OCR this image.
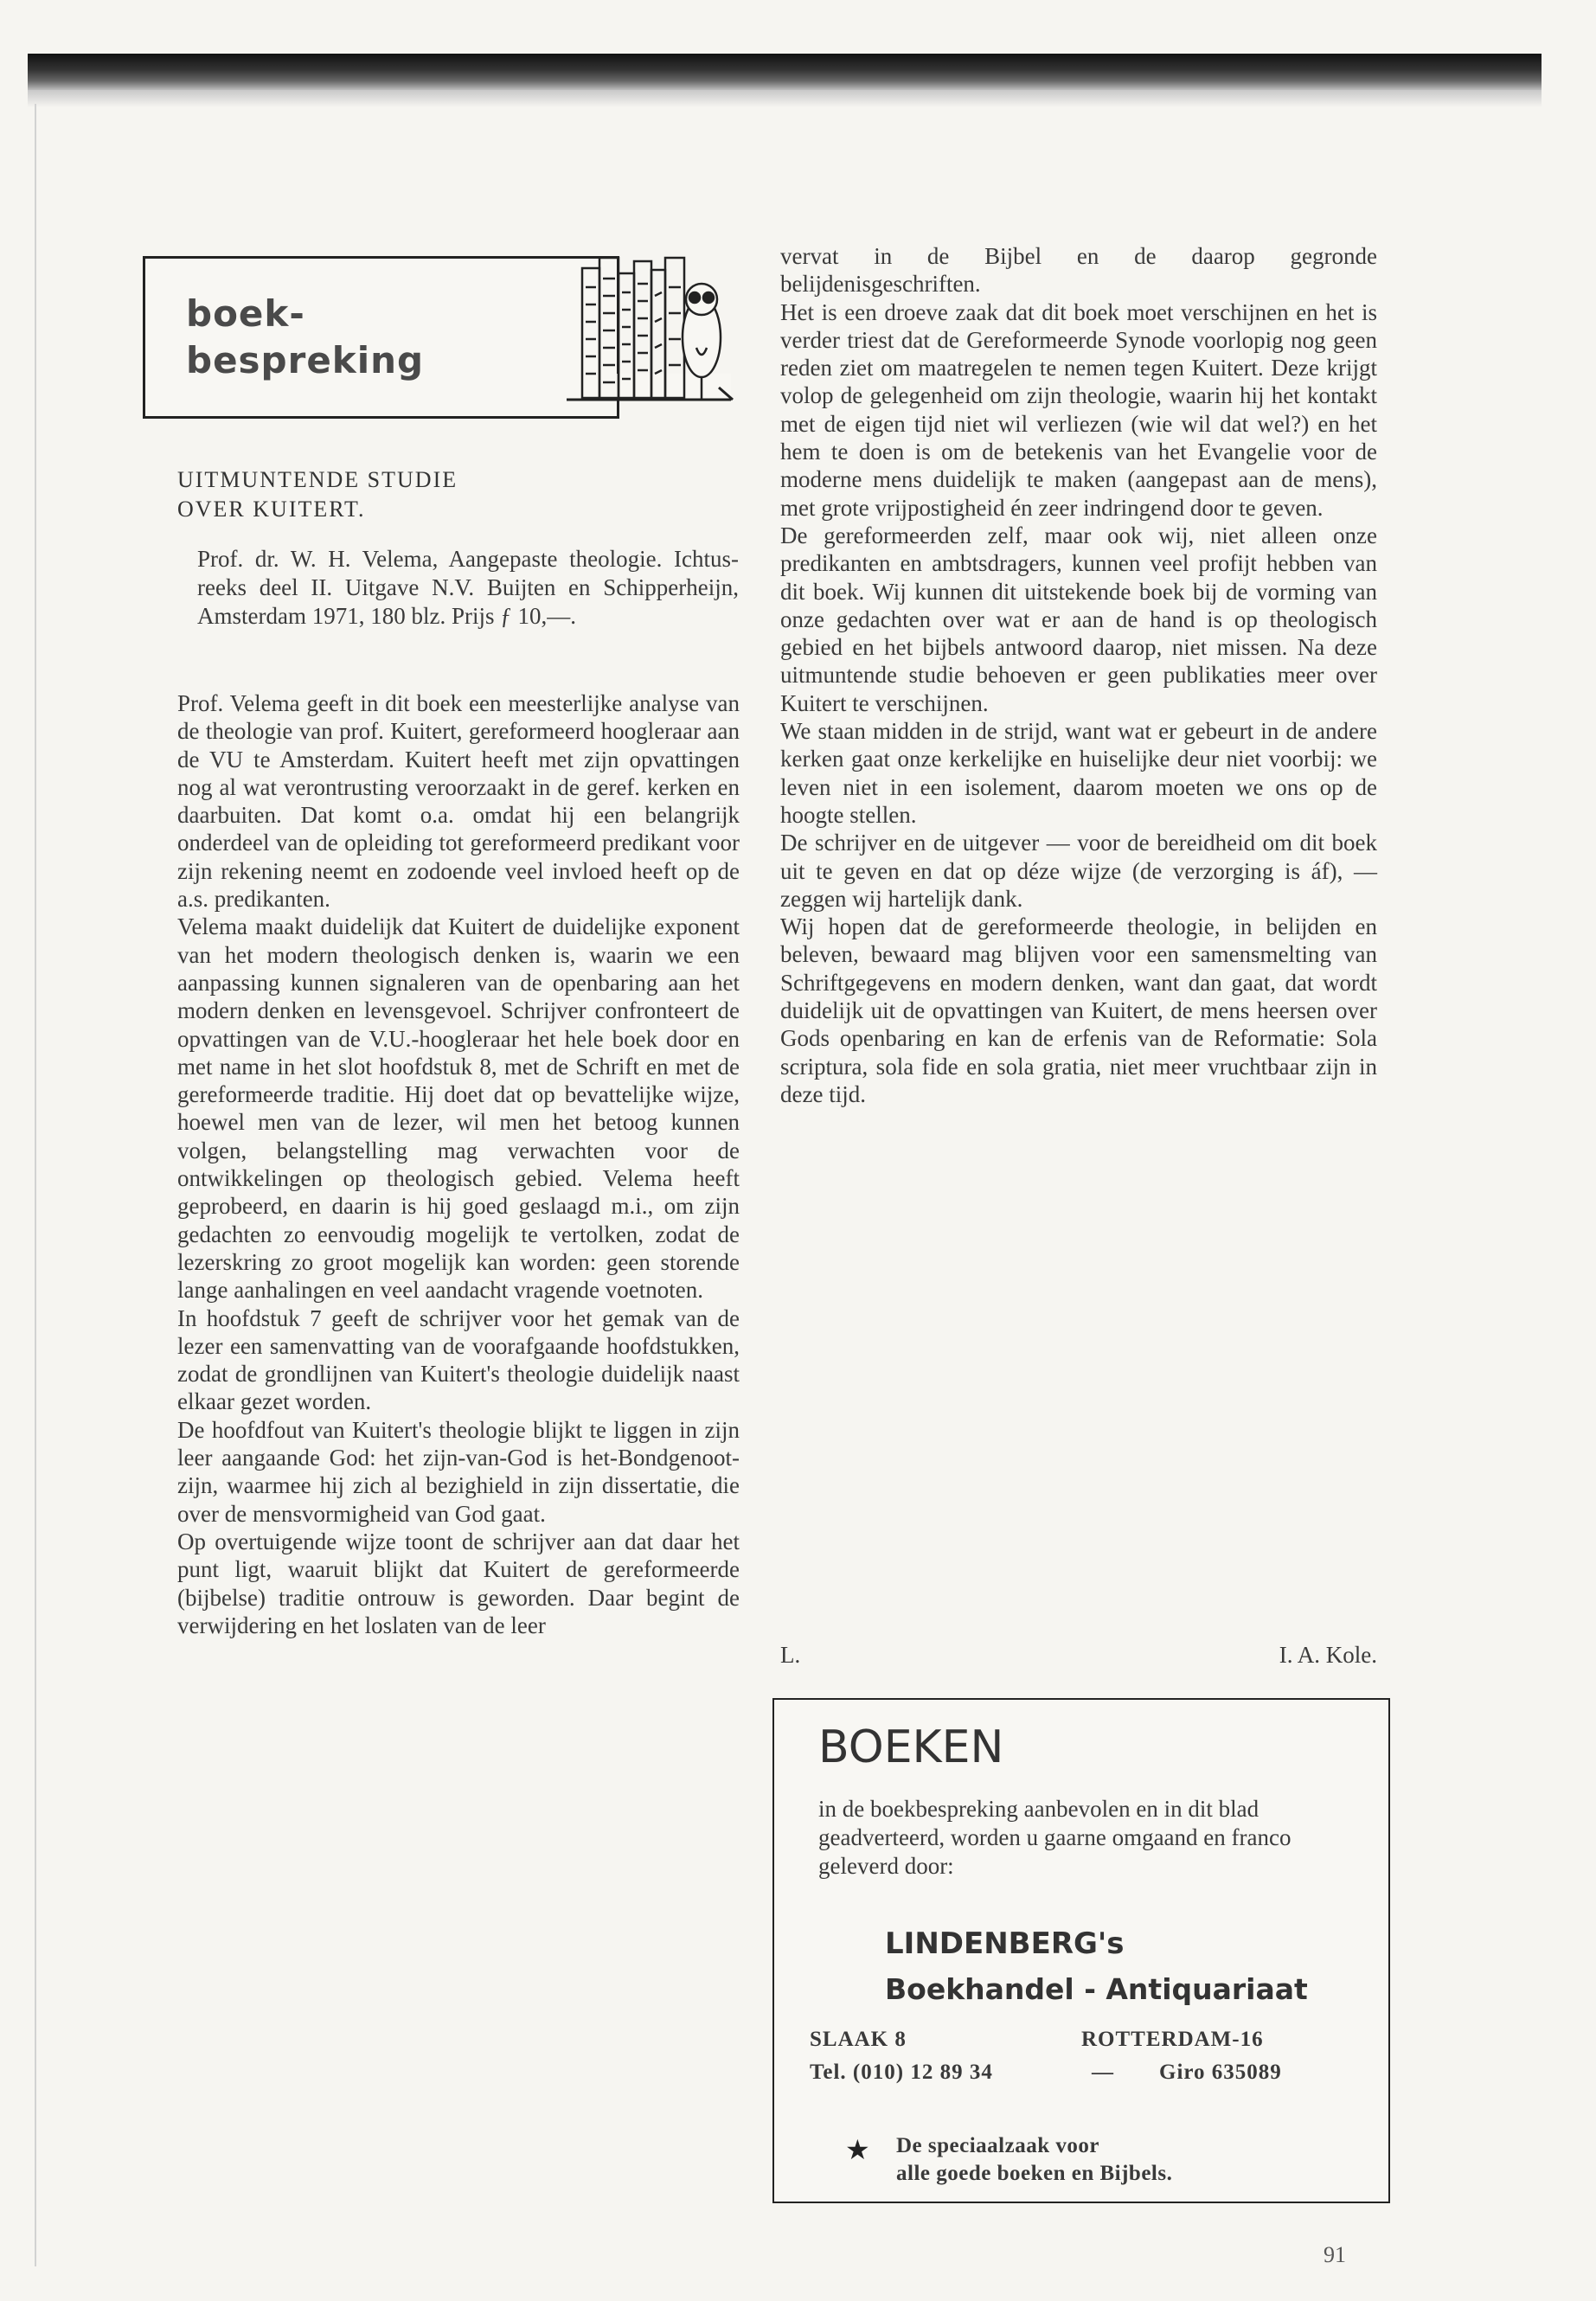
boek-
bespreking
UITMUNTENDE STUDIE
OVER KUITERT.

Prof. dr. W. H. Velema, Aangepaste theologie. Ichtus-reeks deel II. Uitgave N.V. Buijten en Schipperheijn, Amsterdam 1971, 180 blz. Prijs ƒ 10,—.

Prof. Velema geeft in dit boek een meesterlijke analyse van de theologie van prof. Kuitert, gereformeerd hoogleraar aan de VU te Amsterdam. Kuitert heeft met zijn opvattingen nog al wat verontrusting veroorzaakt in de geref. kerken en daarbuiten. Dat komt o.a. omdat hij een belangrijk onderdeel van de opleiding tot gereformeerd predikant voor zijn rekening neemt en zodoende veel invloed heeft op de a.s. predikanten.

Velema maakt duidelijk dat Kuitert de duidelijke exponent van het modern theologisch denken is, waarin we een aanpassing kunnen signaleren van de openbaring aan het modern denken en levensgevoel. Schrijver confronteert de opvattingen van de V.U.-hoogleraar het hele boek door en met name in het slot hoofdstuk 8, met de Schrift en met de gereformeerde traditie. Hij doet dat op bevattelijke wijze, hoewel men van de lezer, wil men het betoog kunnen volgen, belangstelling mag verwachten voor de ontwikkelingen op theologisch gebied. Velema heeft geprobeerd, en daarin is hij goed geslaagd m.i., om zijn gedachten zo eenvoudig mogelijk te vertolken, zodat de lezerskring zo groot mogelijk kan worden: geen storende lange aanhalingen en veel aandacht vragende voetnoten.

In hoofdstuk 7 geeft de schrijver voor het gemak van de lezer een samenvatting van de voorafgaande hoofdstukken, zodat de grondlijnen van Kuitert's theologie duidelijk naast elkaar gezet worden.

De hoofdfout van Kuitert's theologie blijkt te liggen in zijn leer aangaande God: het zijn-van-God is het-Bondgenoot-zijn, waarmee hij zich al bezighield in zijn dissertatie, die over de mensvormigheid van God gaat.

Op overtuigende wijze toont de schrijver aan dat daar het punt ligt, waaruit blijkt dat Kuitert de gereformeerde (bijbelse) traditie ontrouw is geworden. Daar begint de verwijdering en het loslaten van de leer

vervat in de Bijbel en de daarop gegronde belijdenisgeschriften.

Het is een droeve zaak dat dit boek moet verschijnen en het is verder triest dat de Gereformeerde Synode voorlopig nog geen reden ziet om maatregelen te nemen tegen Kuitert. Deze krijgt volop de gelegenheid om zijn theologie, waarin hij het kontakt met de eigen tijd niet wil verliezen (wie wil dat wel?) en het hem te doen is om de betekenis van het Evangelie voor de moderne mens duidelijk te maken (aangepast aan de mens), met grote vrijpostigheid én zeer indringend door te geven.

De gereformeerden zelf, maar ook wij, niet alleen onze predikanten en ambtsdragers, kunnen veel profijt hebben van dit boek. Wij kunnen dit uitstekende boek bij de vorming van onze gedachten over wat er aan de hand is op theologisch gebied en het bijbels antwoord daarop, niet missen. Na deze uitmuntende studie behoeven er geen publikaties meer over Kuitert te verschijnen.

We staan midden in de strijd, want wat er gebeurt in de andere kerken gaat onze kerkelijke en huiselijke deur niet voorbij: we leven niet in een isolement, daarom moeten we ons op de hoogte stellen.

De schrijver en de uitgever — voor de bereidheid om dit boek uit te geven en dat op déze wijze (de verzorging is áf), — zeggen wij hartelijk dank.

Wij hopen dat de gereformeerde theologie, in belijden en beleven, bewaard mag blijven voor een samensmelting van Schriftgegevens en modern denken, want dan gaat, dat wordt duidelijk uit de opvattingen van Kuitert, de mens heersen over Gods openbaring en kan de erfenis van de Reformatie: Sola scriptura, sola fide en sola gratia, niet meer vruchtbaar zijn in deze tijd.

L.	I. A. Kole.
BOEKEN
in de boekbespreking aanbevolen en in dit blad geadverteerd, worden u gaarne omgaand en franco geleverd door:
LINDENBERG's
Boekhandel - Antiquariaat
SLAAK 8	ROTTERDAM-16
Tel. (010) 12 89 34	— Giro 635089
★ De speciaalzaak voor
alle goede boeken en Bijbels.
91
